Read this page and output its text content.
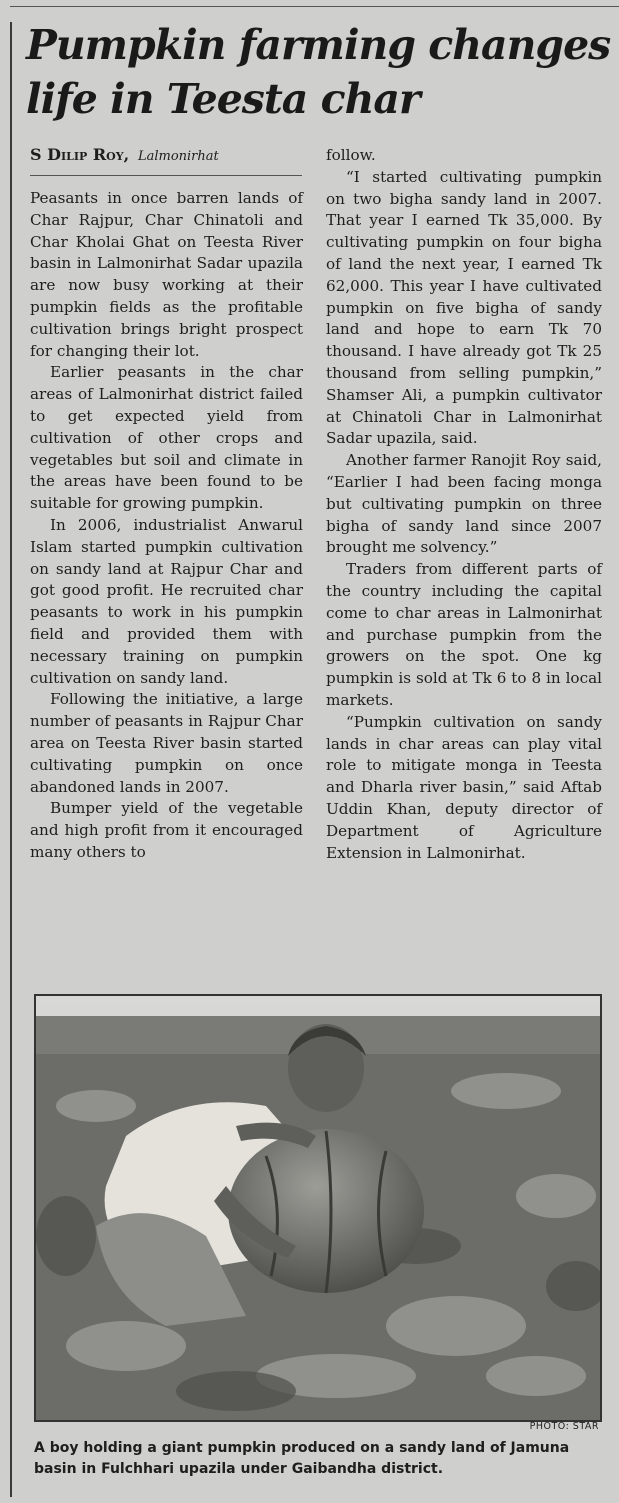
Pumpkin farming changes
life in Teesta char
S Dilip Roy, Lalmonirhat

Peasants in once barren lands of Char Rajpur, Char Chinatoli and Char Kholai Ghat on Teesta River basin in Lalmonirhat Sadar upazila are now busy working at their pumpkin fields as the profitable cultivation brings bright prospect for changing their lot.

Earlier peasants in the char areas of Lalmonirhat district failed to get expected yield from cultivation of other crops and vegetables but soil and climate in the areas have been found to be suitable for growing pumpkin.

In 2006, industrialist Anwarul Islam started pumpkin cultivation on sandy land at Rajpur Char and got good profit. He recruited char peasants to work in his pumpkin field and provided them with necessary training on pumpkin cultivation on sandy land.

Following the initiative, a large number of peasants in Rajpur Char area on Teesta River basin started cultivating pumpkin on once abandoned lands in 2007.

Bumper yield of the vegetable and high profit from it encouraged many others to

follow.

“I started cultivating pumpkin on two bigha sandy land in 2007. That year I earned Tk 35,000. By cultivating pumpkin on four bigha of land the next year, I earned Tk 62,000. This year I have cultivated pumpkin on five bigha of sandy land and hope to earn Tk 70 thousand. I have already got Tk 25 thousand from selling pumpkin,” Shamser Ali, a pumpkin cultivator at Chinatoli Char in Lalmonirhat Sadar upazila, said.

Another farmer Ranojit Roy said, “Earlier I had been facing monga but cultivating pumpkin on three bigha of sandy land since 2007 brought me solvency.”

Traders from different parts of the country including the capital come to char areas in Lalmonirhat and purchase pumpkin from the growers on the spot. One kg pumpkin is sold at Tk 6 to 8 in local markets.

“Pumpkin cultivation on sandy lands in char areas can play vital role to mitigate monga in Teesta and Dharla river basin,” said Aftab Uddin Khan, deputy director of Department of Agriculture Extension in Lalmonirhat.

PHOTO: STAR

A boy holding a giant pumpkin produced on a sandy land of Jamuna basin in Fulchhari upazila under Gaibandha district.
